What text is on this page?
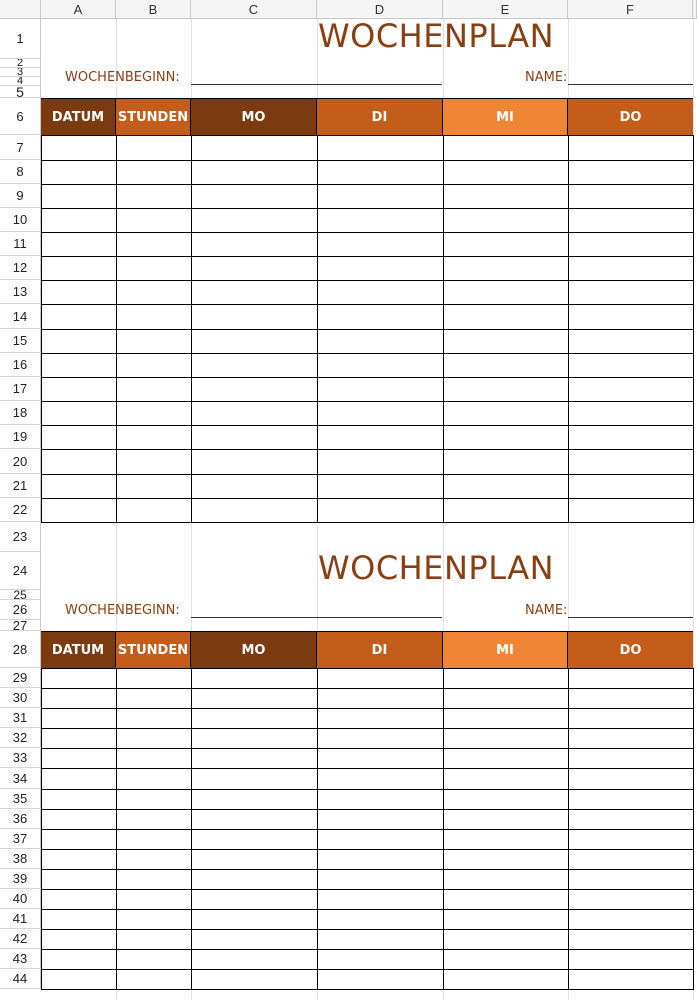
A	B	C	D	E	F
1
2
3
4
5
6
7
8
9
10
11
12
13
14
15
16
17
18
19
20
21
22
23
24
25
26
27
28
29
30
31
32
33
34
35
36
37
38
39
40
41
42
43
44
WOCHENPLAN
WOCHENBEGINN:	NAME:
DATUM	STUNDEN	MO	DI	MI	DO
WOCHENPLAN
WOCHENBEGINN:	NAME:
DATUM	STUNDEN	MO	DI	MI	DO
